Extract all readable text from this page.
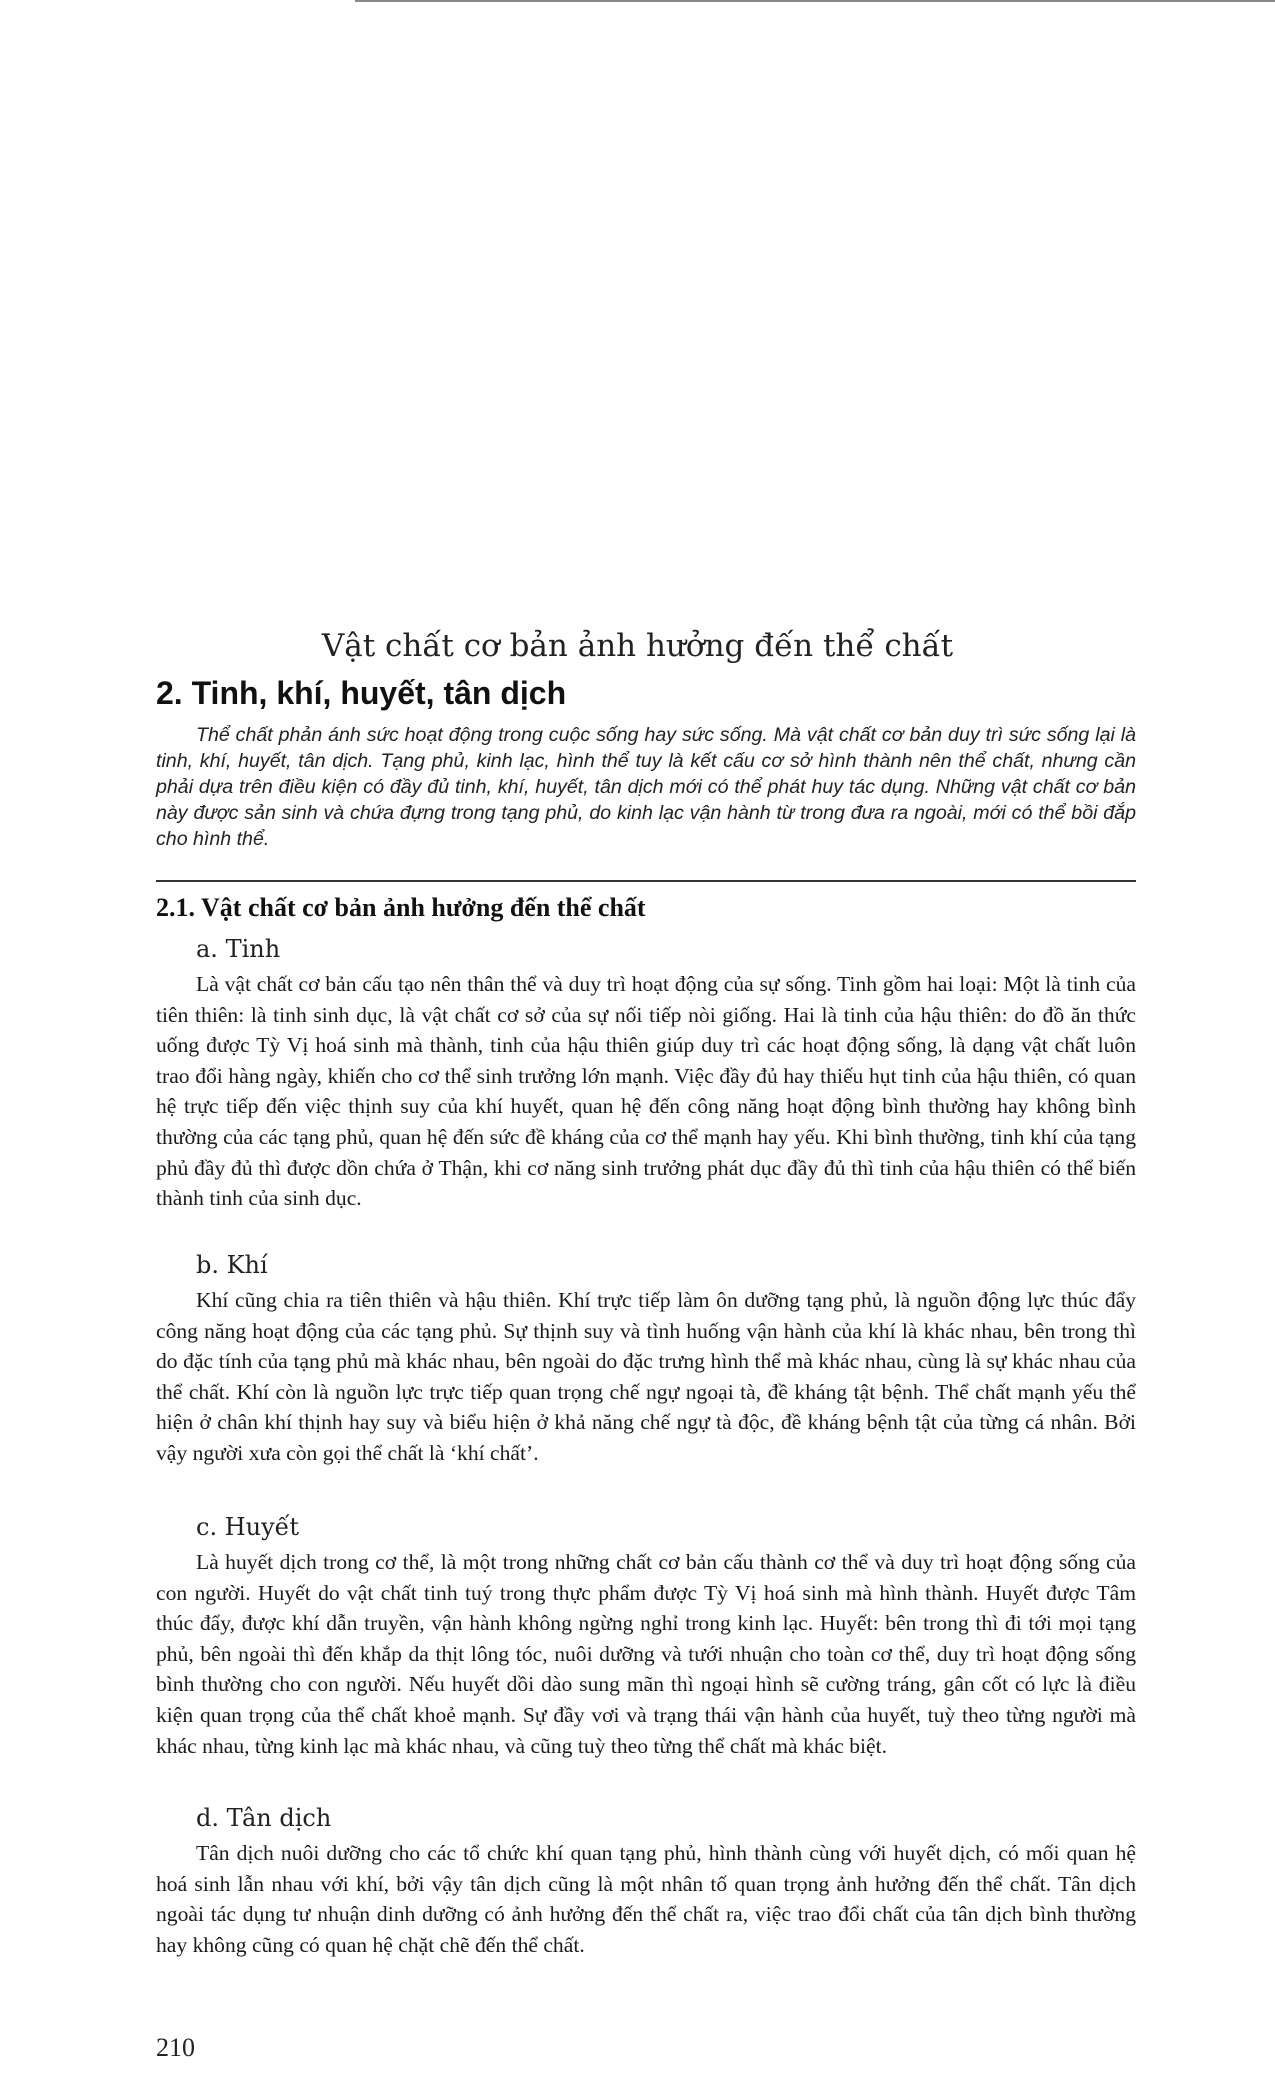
Vật chất cơ bản ảnh hưởng đến thể chất
2. Tinh, khí, huyết, tân dịch
Thể chất phản ánh sức hoạt động trong cuộc sống hay sức sống. Mà vật chất cơ bản duy trì sức sống lại là tinh, khí, huyết, tân dịch. Tạng phủ, kinh lạc, hình thể tuy là kết cấu cơ sở hình thành nên thể chất, nhưng cần phải dựa trên điều kiện có đầy đủ tinh, khí, huyết, tân dịch mới có thể phát huy tác dụng. Những vật chất cơ bản này được sản sinh và chứa đựng trong tạng phủ, do kinh lạc vận hành từ trong đưa ra ngoài, mới có thể bồi đắp cho hình thể.
2.1. Vật chất cơ bản ảnh hưởng đến thể chất
a. Tinh

Là vật chất cơ bản cấu tạo nên thân thể và duy trì hoạt động của sự sống. Tinh gồm hai loại: Một là tinh của tiên thiên: là tinh sinh dục, là vật chất cơ sở của sự nối tiếp nòi giống. Hai là tinh của hậu thiên: do đồ ăn thức uống được Tỳ Vị hoá sinh mà thành, tinh của hậu thiên giúp duy trì các hoạt động sống, là dạng vật chất luôn trao đổi hàng ngày, khiến cho cơ thể sinh trưởng lớn mạnh. Việc đầy đủ hay thiếu hụt tinh của hậu thiên, có quan hệ trực tiếp đến việc thịnh suy của khí huyết, quan hệ đến công năng hoạt động bình thường hay không bình thường của các tạng phủ, quan hệ đến sức đề kháng của cơ thể mạnh hay yếu. Khi bình thường, tinh khí của tạng phủ đầy đủ thì được dồn chứa ở Thận, khi cơ năng sinh trưởng phát dục đầy đủ thì tinh của hậu thiên có thể biến thành tinh của sinh dục.

b. Khí

Khí cũng chia ra tiên thiên và hậu thiên. Khí trực tiếp làm ôn dưỡng tạng phủ, là nguồn động lực thúc đẩy công năng hoạt động của các tạng phủ. Sự thịnh suy và tình huống vận hành của khí là khác nhau, bên trong thì do đặc tính của tạng phủ mà khác nhau, bên ngoài do đặc trưng hình thể mà khác nhau, cùng là sự khác nhau của thể chất. Khí còn là nguồn lực trực tiếp quan trọng chế ngự ngoại tà, đề kháng tật bệnh. Thể chất mạnh yếu thể hiện ở chân khí thịnh hay suy và biểu hiện ở khả năng chế ngự tà độc, đề kháng bệnh tật của từng cá nhân. Bởi vậy người xưa còn gọi thể chất là ‘khí chất’.

c. Huyết

Là huyết dịch trong cơ thể, là một trong những chất cơ bản cấu thành cơ thể và duy trì hoạt động sống của con người. Huyết do vật chất tinh tuý trong thực phẩm được Tỳ Vị hoá sinh mà hình thành. Huyết được Tâm thúc đẩy, được khí dẫn truyền, vận hành không ngừng nghỉ trong kinh lạc. Huyết: bên trong thì đi tới mọi tạng phủ, bên ngoài thì đến khắp da thịt lông tóc, nuôi dưỡng và tưới nhuận cho toàn cơ thể, duy trì hoạt động sống bình thường cho con người. Nếu huyết dồi dào sung mãn thì ngoại hình sẽ cường tráng, gân cốt có lực là điều kiện quan trọng của thể chất khoẻ mạnh. Sự đầy vơi và trạng thái vận hành của huyết, tuỳ theo từng người mà khác nhau, từng kinh lạc mà khác nhau, và cũng tuỳ theo từng thể chất mà khác biệt.

d. Tân dịch

Tân dịch nuôi dưỡng cho các tổ chức khí quan tạng phủ, hình thành cùng với huyết dịch, có mối quan hệ hoá sinh lẫn nhau với khí, bởi vậy tân dịch cũng là một nhân tố quan trọng ảnh hưởng đến thể chất. Tân dịch ngoài tác dụng tư nhuận dinh dưỡng có ảnh hưởng đến thể chất ra, việc trao đổi chất của tân dịch bình thường hay không cũng có quan hệ chặt chẽ đến thể chất.

210
